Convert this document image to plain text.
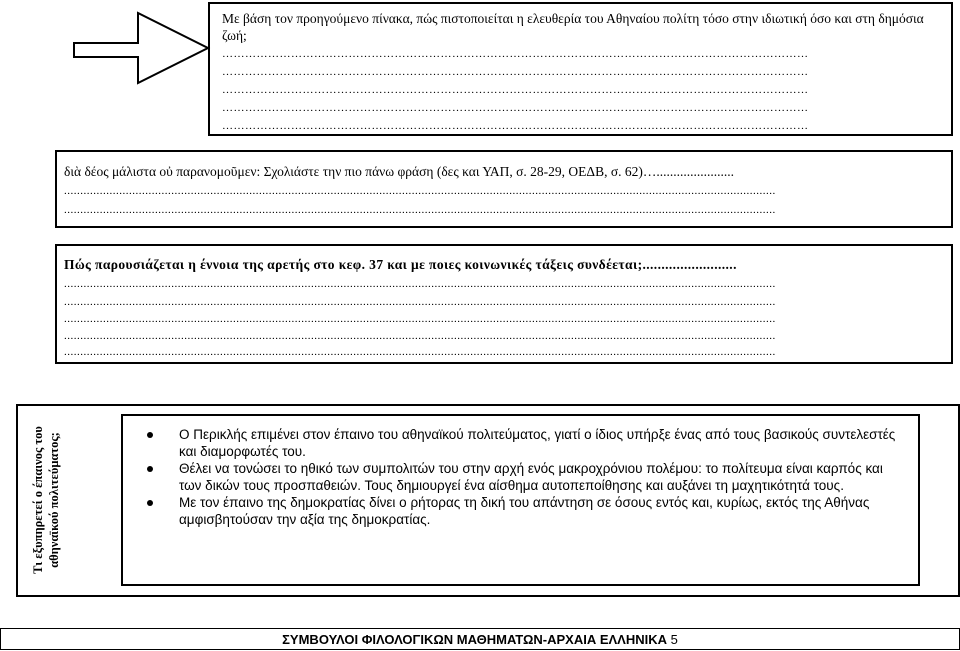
Με βάση τον προηγούμενο πίνακα, πώς πιστοποιείται η ελευθερία του Αθηναίου πολίτη τόσο στην ιδιωτική όσο και στη δημόσια ζωή;
………………………………………………………………………………………………………………………………………
………………………………………………………………………………………………………………………………………
………………………………………………………………………………………………………………………………………
………………………………………………………………………………………………………………………………………
………………………………………………………………………………………………………………………………………
διὰ δέος μάλιστα οὐ παρανομοῦμεν: Σχολιάστε την πιο πάνω φράση (δες και ΥΑΠ, σ. 28-29, ΟΕΔΒ, σ. 62)….......................
...........................................................................................................................................................................................................................
...........................................................................................................................................................................................................................
Πώς παρουσιάζεται η έννοια της αρετής στο κεφ. 37 και με ποιες κοινωνικές τάξεις συνδέεται;.........................
...........................................................................................................................................................................................................................
...........................................................................................................................................................................................................................
...........................................................................................................................................................................................................................
...........................................................................................................................................................................................................................
...........................................................................................................................................................................................................................
Τι εξυπηρετεί ο έπαινος του αθηναϊκού πολιτεύματος;	Ο Περικλής επιμένει στον έπαινο του αθηναϊκού πολιτεύματος, γιατί ο ίδιος υπήρξε ένας από τους βασικούς συντελεστές και διαμορφωτές του.
Θέλει να τονώσει το ηθικό των συμπολιτών του στην αρχή ενός μακροχρόνιου πολέμου: το πολίτευμα είναι καρπός και των δικών τους προσπαθειών. Τους δημιουργεί ένα αίσθημα αυτοπεποίθησης και αυξάνει τη μαχητικότητά τους.
Με τον έπαινο της δημοκρατίας δίνει ο ρήτορας τη δική του απάντηση σε όσους εντός και, κυρίως, εκτός της Αθήνας αμφισβητούσαν την αξία της δημοκρατίας.
ΣΥΜΒΟΥΛΟΙ ΦΙΛΟΛΟΓΙΚΩΝ ΜΑΘΗΜΑΤΩΝ-ΑΡΧΑΙΑ ΕΛΛΗΝΙΚΑ 5
